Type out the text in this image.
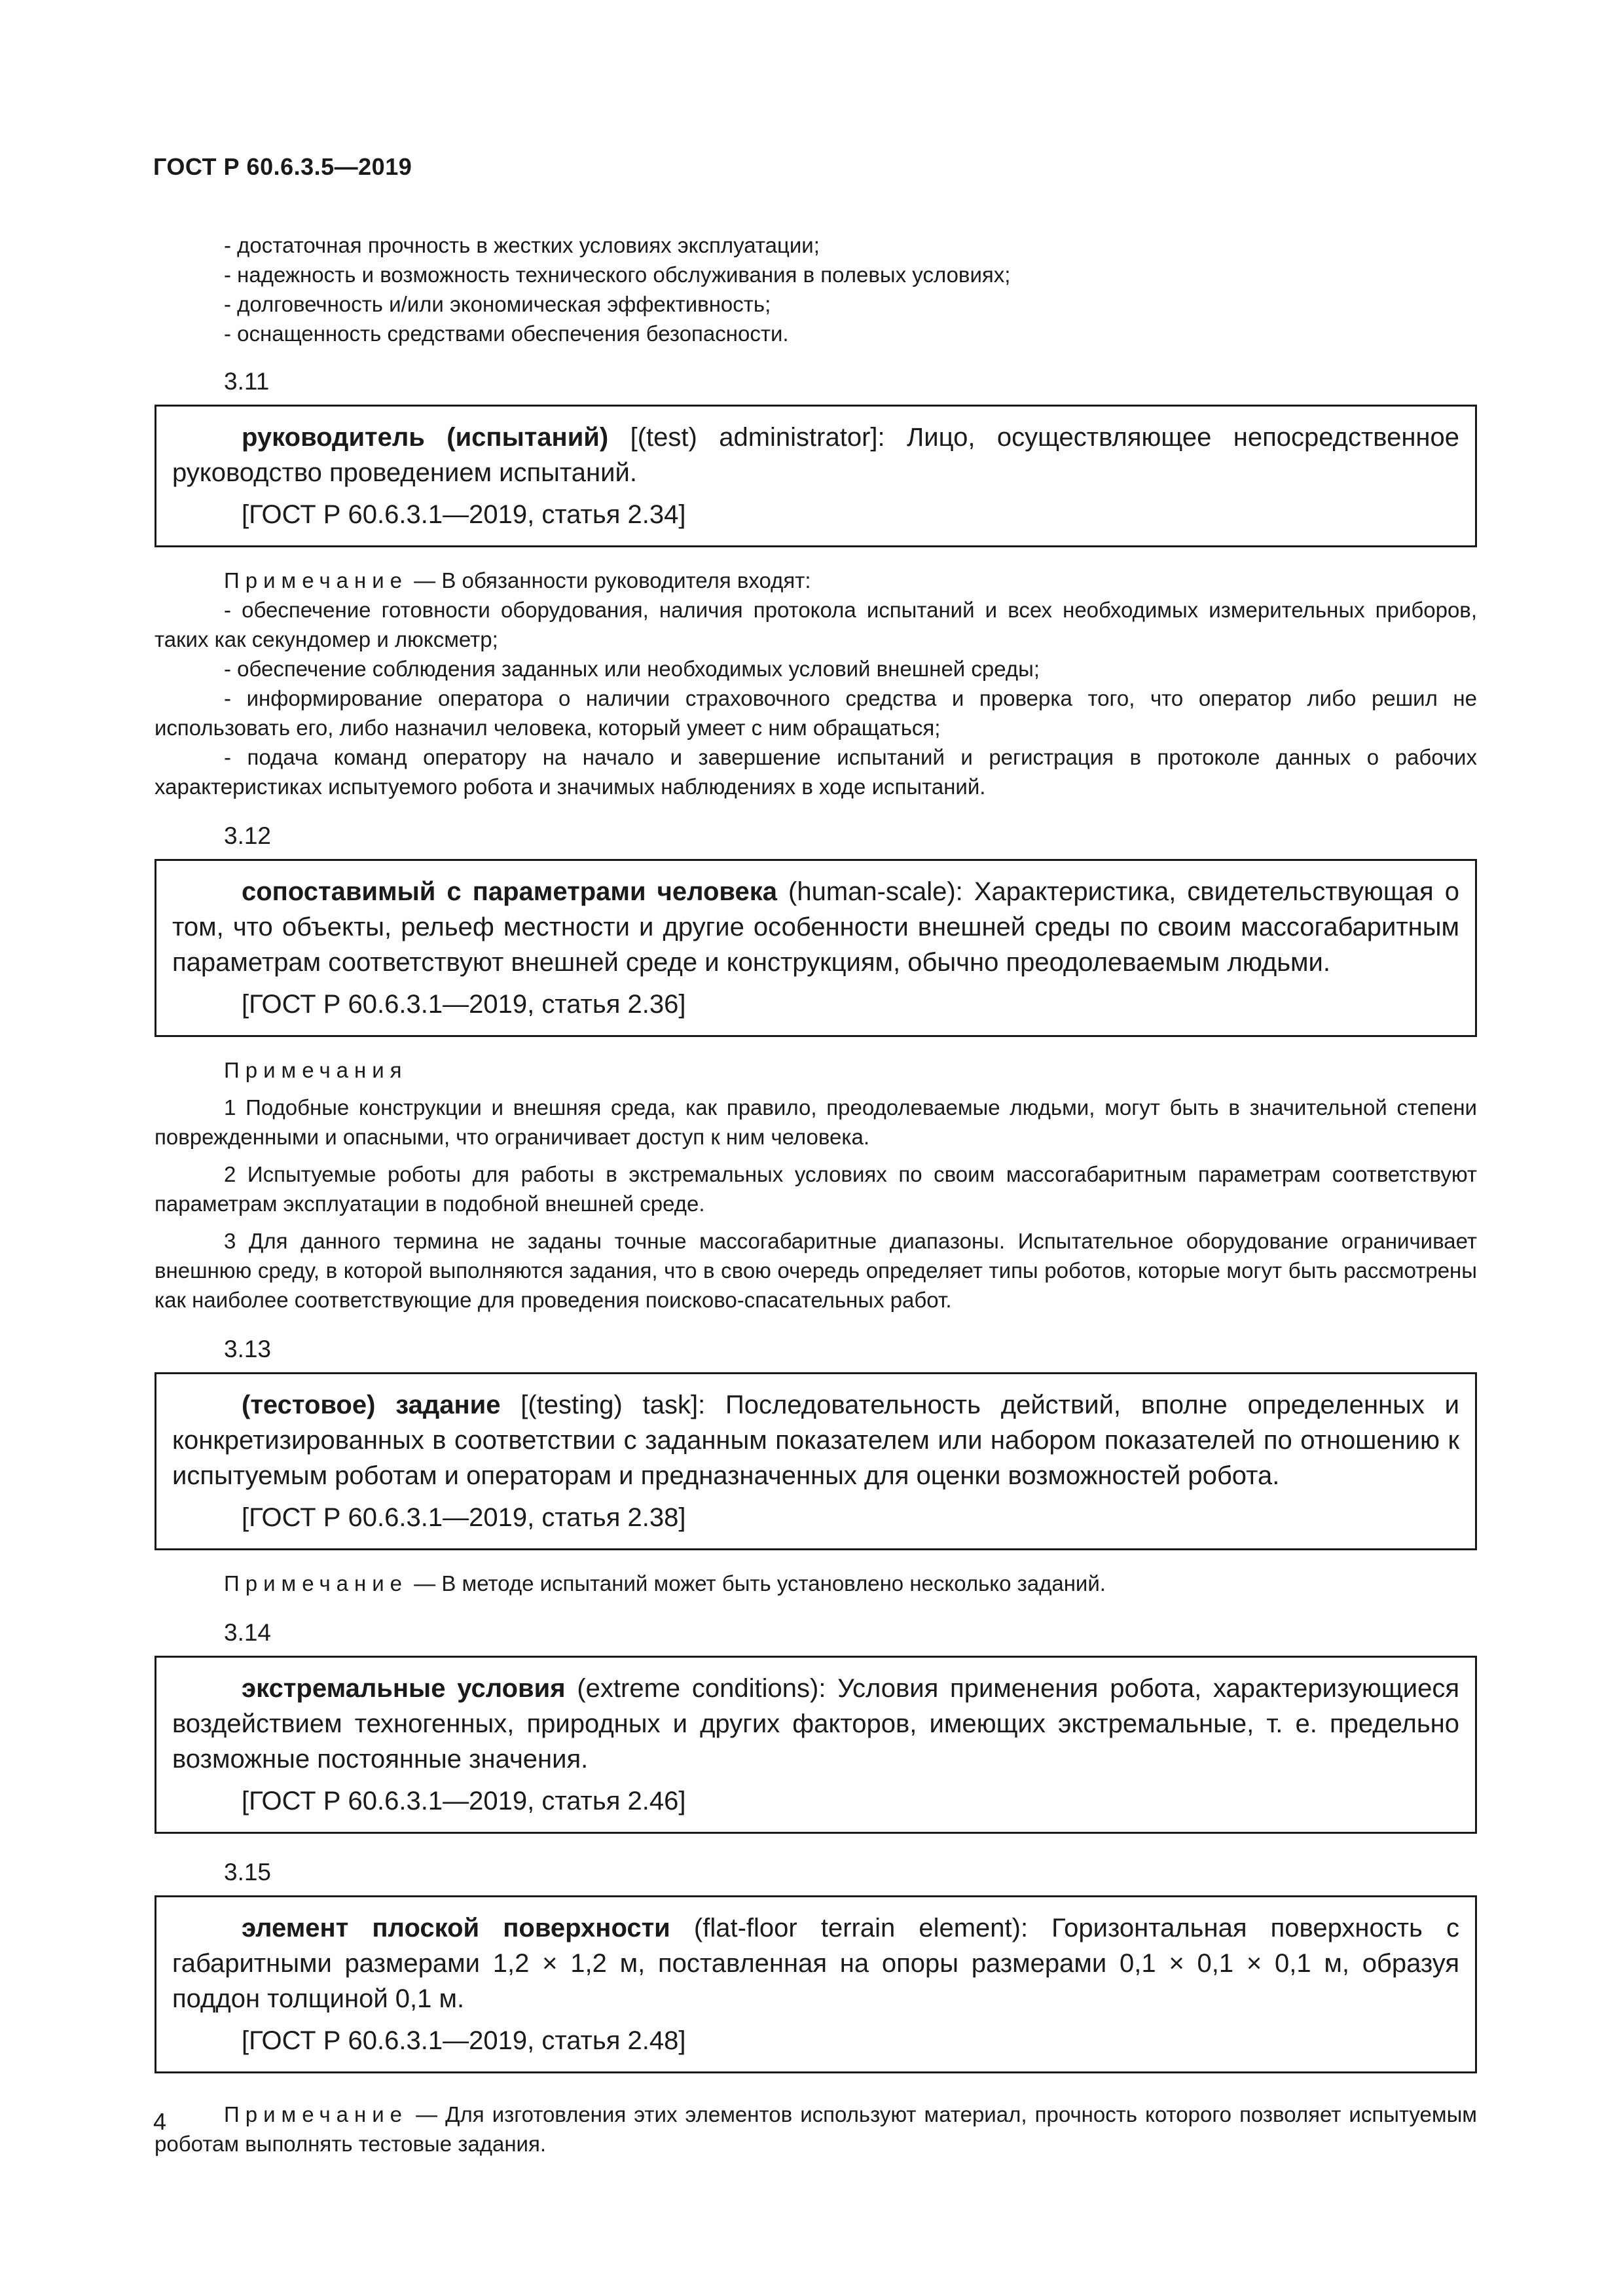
ГОСТ Р 60.6.3.5—2019

- достаточная прочность в жестких условиях эксплуатации;

- надежность и возможность технического обслуживания в полевых условиях;

- долговечность и/или экономическая эффективность;

- оснащенность средствами обеспечения безопасности.

3.11

руководитель (испытаний) [(test) administrator]: Лицо, осуществляющее непосредственное руководство проведением испытаний.

[ГОСТ Р 60.6.3.1—2019, статья 2.34]

Примечание — В обязанности руководителя входят:

- обеспечение готовности оборудования, наличия протокола испытаний и всех необходимых измерительных приборов, таких как секундомер и люксметр;

- обеспечение соблюдения заданных или необходимых условий внешней среды;

- информирование оператора о наличии страховочного средства и проверка того, что оператор либо решил не использовать его, либо назначил человека, который умеет с ним обращаться;

- подача команд оператору на начало и завершение испытаний и регистрация в протоколе данных о рабочих характеристиках испытуемого робота и значимых наблюдениях в ходе испытаний.

3.12

сопоставимый с параметрами человека (human-scale): Характеристика, свидетельствующая о том, что объекты, рельеф местности и другие особенности внешней среды по своим массогабаритным параметрам соответствуют внешней среде и конструкциям, обычно преодолеваемым людьми.

[ГОСТ Р 60.6.3.1—2019, статья 2.36]

Примечания

1 Подобные конструкции и внешняя среда, как правило, преодолеваемые людьми, могут быть в значительной степени поврежденными и опасными, что ограничивает доступ к ним человека.

2 Испытуемые роботы для работы в экстремальных условиях по своим массогабаритным параметрам соответствуют параметрам эксплуатации в подобной внешней среде.

3 Для данного термина не заданы точные массогабаритные диапазоны. Испытательное оборудование ограничивает внешнюю среду, в которой выполняются задания, что в свою очередь определяет типы роботов, которые могут быть рассмотрены как наиболее соответствующие для проведения поисково-спасательных работ.

3.13

(тестовое) задание [(testing) task]: Последовательность действий, вполне определенных и конкретизированных в соответствии с заданным показателем или набором показателей по отношению к испытуемым роботам и операторам и предназначенных для оценки возможностей робота.

[ГОСТ Р 60.6.3.1—2019, статья 2.38]

Примечание — В методе испытаний может быть установлено несколько заданий.

3.14

экстремальные условия (extreme conditions): Условия применения робота, характеризующиеся воздействием техногенных, природных и других факторов, имеющих экстремальные, т. е. предельно возможные постоянные значения.

[ГОСТ Р 60.6.3.1—2019, статья 2.46]

3.15

элемент плоской поверхности (flat-floor terrain element): Горизонтальная поверхность с габаритными размерами 1,2 × 1,2 м, поставленная на опоры размерами 0,1 × 0,1 × 0,1 м, образуя поддон толщиной 0,1 м.

[ГОСТ Р 60.6.3.1—2019, статья 2.48]

Примечание — Для изготовления этих элементов используют материал, прочность которого позволяет испытуемым роботам выполнять тестовые задания.

4
